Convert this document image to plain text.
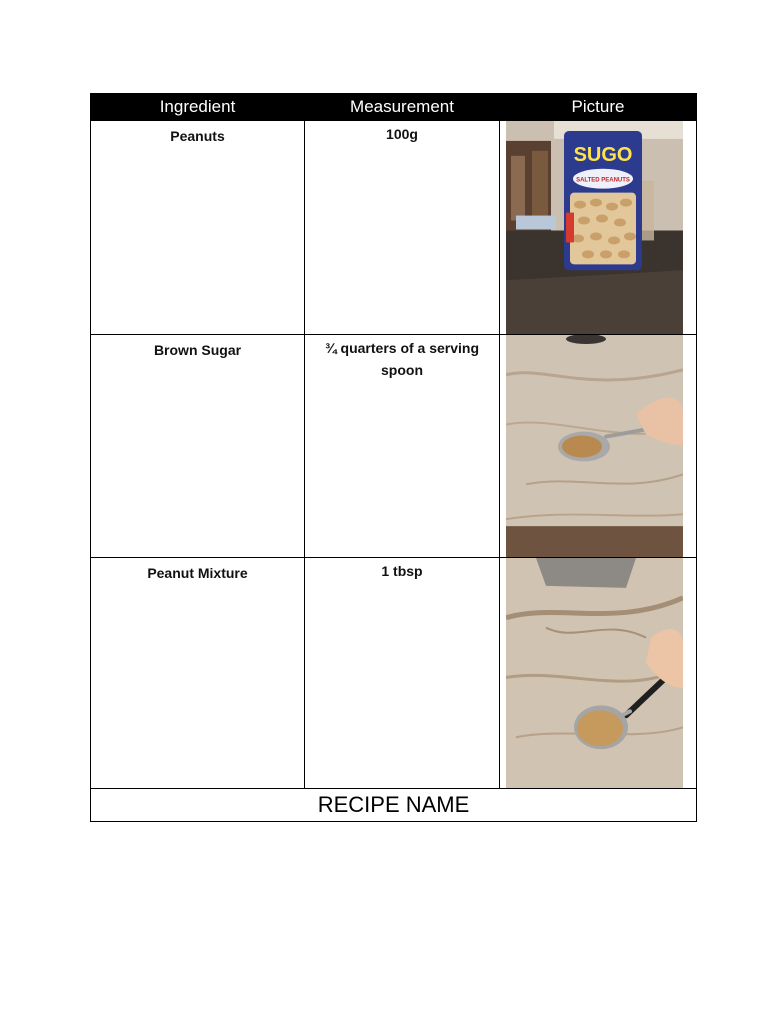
Ingredient	Measurement	Picture

Peanuts	100g	SUGO
SALTED PEANUTS

Brown Sugar	¾ quarters of a serving spoon

Peanut Mixture	1 tbsp

RECIPE NAME		
